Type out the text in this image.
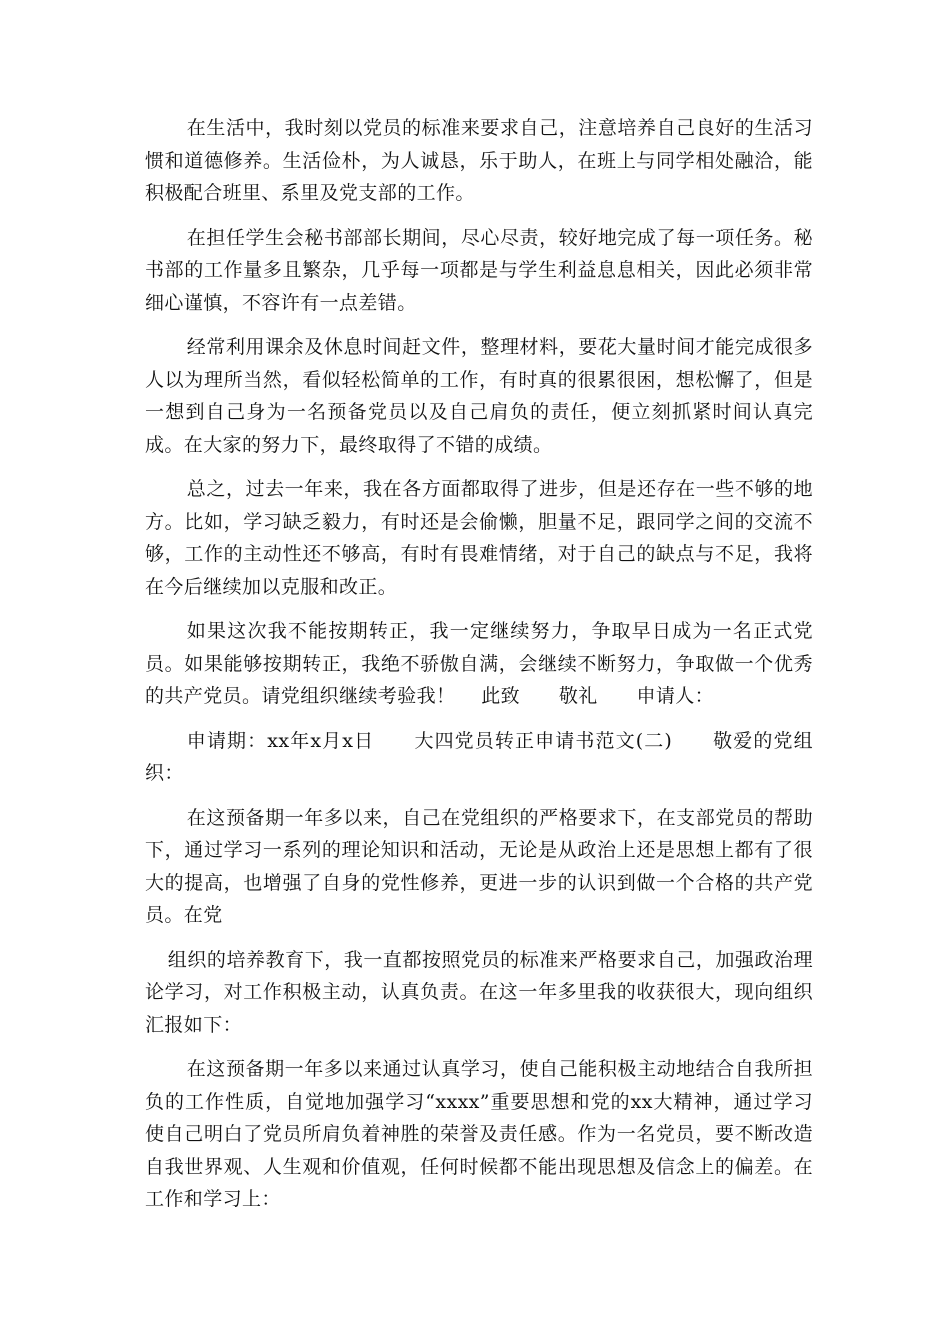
在生活中，我时刻以党员的标准来要求自己，注意培养自己良好的生活习惯和道德修养。生活俭朴，为人诚恳，乐于助人，在班上与同学相处融洽，能积极配合班里、系里及党支部的工作。

在担任学生会秘书部部长期间，尽心尽责，较好地完成了每一项任务。秘书部的工作量多且繁杂，几乎每一项都是与学生利益息息相关，因此必须非常细心谨慎，不容许有一点差错。

经常利用课余及休息时间赶文件，整理材料，要花大量时间才能完成很多人以为理所当然，看似轻松简单的工作，有时真的很累很困，想松懈了，但是一想到自己身为一名预备党员以及自己肩负的责任，便立刻抓紧时间认真完成。在大家的努力下，最终取得了不错的成绩。

总之，过去一年来，我在各方面都取得了进步，但是还存在一些不够的地方。比如，学习缺乏毅力，有时还是会偷懒，胆量不足，跟同学之间的交流不够，工作的主动性还不够高，有时有畏难情绪，对于自己的缺点与不足，我将在今后继续加以克服和改正。

如果这次我不能按期转正，我一定继续努力，争取早日成为一名正式党员。如果能够按期转正，我绝不骄傲自满，会继续不断努力，争取做一个优秀的共产党员。请党组织继续考验我！　 此致　　敬礼　　申请人：

申请期：xx年x月x日　　大四党员转正申请书范文(二)　　敬爱的党组织：

在这预备期一年多以来，自己在党组织的严格要求下，在支部党员的帮助下，通过学习一系列的理论知识和活动，无论是从政治上还是思想上都有了很大的提高，也增强了自身的党性修养，更进一步的认识到做一个合格的共产党员。在党

组织的培养教育下，我一直都按照党员的标准来严格要求自己，加强政治理论学习，对工作积极主动，认真负责。在这一年多里我的收获很大，现向组织汇报如下：

在这预备期一年多以来通过认真学习，使自己能积极主动地结合自我所担负的工作性质，自觉地加强学习“xxxx”重要思想和党的xx大精神，通过学习使自己明白了党员所肩负着神胜的荣誉及责任感。作为一名党员，要不断改造自我世界观、人生观和价值观，任何时候都不能出现思想及信念上的偏差。在工作和学习上：
